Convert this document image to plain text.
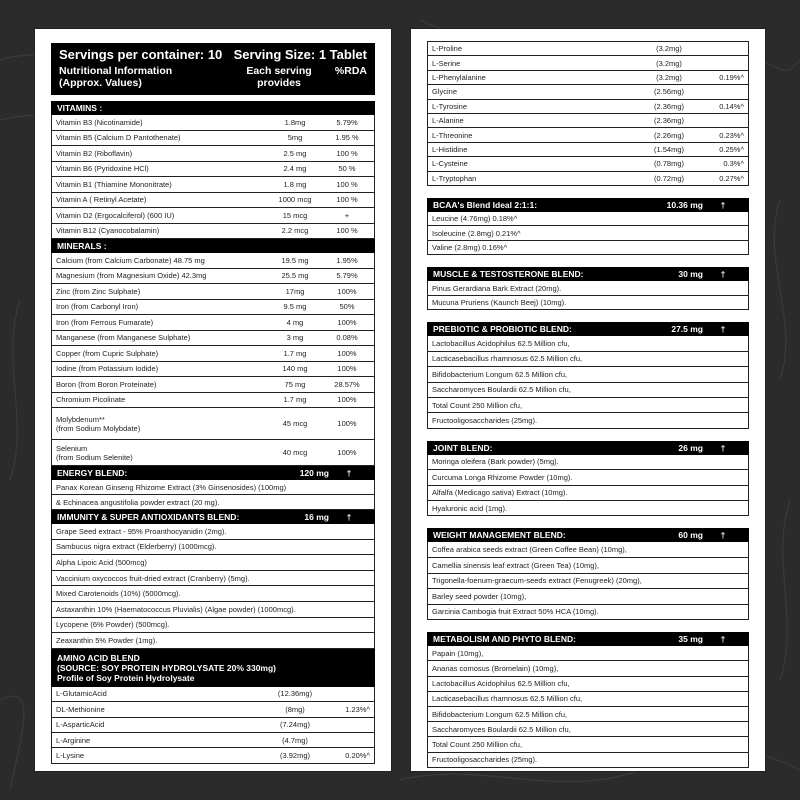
Servings per container: 10 Serving Size: 1 Tablet
Nutritional Information
(Approx. Values)
Each serving
provides
%RDA
VITAMINS :
Vitamin B3 (Nicotinamide)	1.8mg	5.79%
Vitamin B5 (Calcium D Pantothenate)	5mg	1.95 %
Vitamin B2 (Riboflavin)	2.5 mg	100 %
Vitamin B6 (Pyridoxine HCl)	2.4 mg	50 %
Vitamin B1 (Thiamine Mononitrate)	1.8 mg	100 %
Vitamin A ( Retinyl Acetate)	1000 mcg	100 %
Vitamin D2 (Ergocalciferol) (600 IU)	15 mcg	+
Vitamin B12 (Cyanocobalamin)	2.2 mcg	100 %
MINERALS :
Calcium (from Calcium Carbonate) 48.75 mg	19.5 mg	1.95%
Magnesium (from Magnesium Oxide) 42.3mg	25.5 mg	5.79%
Zinc (from Zinc Sulphate)	17mg	100%
Iron (from Carbonyl Iron)	9.5 mg	50%
Iron (from Ferrous Fumarate)	4 mg	100%
Manganese (from Manganese Sulphate)	3 mg	0.08%
Copper (from Cupric Sulphate)	1.7 mg	100%
Iodine (from Potassium Iodide)	140 mg	100%
Boron (from Boron Proteinate)	75 mg	28.57%
Chromium Picolinate	1.7 mg	100%
Molybdenum**
(from Sodium Molybdate)	45 mcg	100%
Selenium
(from Sodium Selenite)	40 mcg	100%
ENERGY BLEND:	120 mg	†
Panax Korean Ginseng Rhizome Extract (3% Ginsenosides) (100mg)
& Echinacea angustifolia powder extract (20 mg).
IMMUNITY & SUPER ANTIOXIDANTS BLEND:	16 mg	†
Grape Seed extract - 95% Proanthocyanidin (2mg).
Sambucus nigra extract (Elderberry) (1000mcg).
Alpha Lipoic Acid (500mcg)
Vaccinium oxycoccos fruit-dried extract (Cranberry) (5mg).
Mixed Carotenoids (10%) (5000mcg).
Astaxanthin 10% (Haematococcus Pluvialis) (Algae powder) (1000mcg).
Lycopene (6% Powder) (500mcg).
Zeaxanthin 5% Powder (1mg).
AMINO ACID BLEND
(SOURCE: SOY PROTEIN HYDROLYSATE 20% 330mg)
Profile of Soy Protein Hydrolysate
L-GlutamicAcid	(12.36mg)
DL-Methionine	(8mg)	1.23%^
L-AsparticAcid	(7.24mg)
L-Arginine	(4.7mg)
L-Lysine	(3.92mg)	0.20%^
L-Proline	(3.2mg)
L-Serine	(3.2mg)
L-Phenylalanine	(3.2mg)	0.19%^
Glycine	(2.56mg)
L-Tyrosine	(2.36mg)	0.14%^
L-Alanine	(2.36mg)
L-Threonine	(2.26mg)	0.23%^
L-Histidine	(1.54mg)	0.25%^
L-Cysteine	(0.78mg)	0.3%^
L-Tryptophan	(0.72mg)	0.27%^
BCAA's Blend Ideal 2:1:1:	10.36 mg	†
Leucine (4.76mg) 0.18%^
Isoleucine (2.8mg) 0.21%^
Valine (2.8mg) 0.16%^
MUSCLE & TESTOSTERONE BLEND:	30 mg	†
Pinus Gerardiana Bark Extract (20mg).
Mucuna Pruriens (Kaunch Beej) (10mg).
PREBIOTIC & PROBIOTIC BLEND:	27.5 mg	†
Lactobacillus Acidophilus 62.5 Million cfu,
Lacticasebacillus rhamnosus 62.5 Million cfu,
Bifidobacterium Longum 62.5 Million cfu,
Saccharomyces Boulardii 62.5 Million cfu,
Total Count 250 Million cfu,
Fructooligosaccharides (25mg).
JOINT BLEND:	26 mg	†
Moringa oleifera (Bark powder) (5mg).
Curcuma Longa Rhizome Powder (10mg).
Alfalfa (Medicago sativa) Extract (10mg).
Hyaluronic acid (1mg).
WEIGHT MANAGEMENT BLEND:	60 mg	†
Coffea arabica seeds extract (Green Coffee Bean) (10mg),
Camellia sinensis leaf extract (Green Tea) (10mg),
Trigonella-foenum-graecum-seeds extract (Fenugreek) (20mg),
Barley seed powder (10mg),
Garcinia Cambogia fruit Extract 50% HCA (10mg).
METABOLISM AND PHYTO BLEND:	35 mg	†
Papain (10mg),
Ananas comosus (Bromelain) (10mg),
Lactobacillus Acidophilus 62.5 Million cfu,
Lacticasebacillus rhamnosus 62.5 Million cfu,
Bifidobacterium Longum 62.5 Million cfu,
Saccharomyces Boulardii 62.5 Million cfu,
Total Count 250 Million cfu,
Fructooligosaccharides (25mg).
